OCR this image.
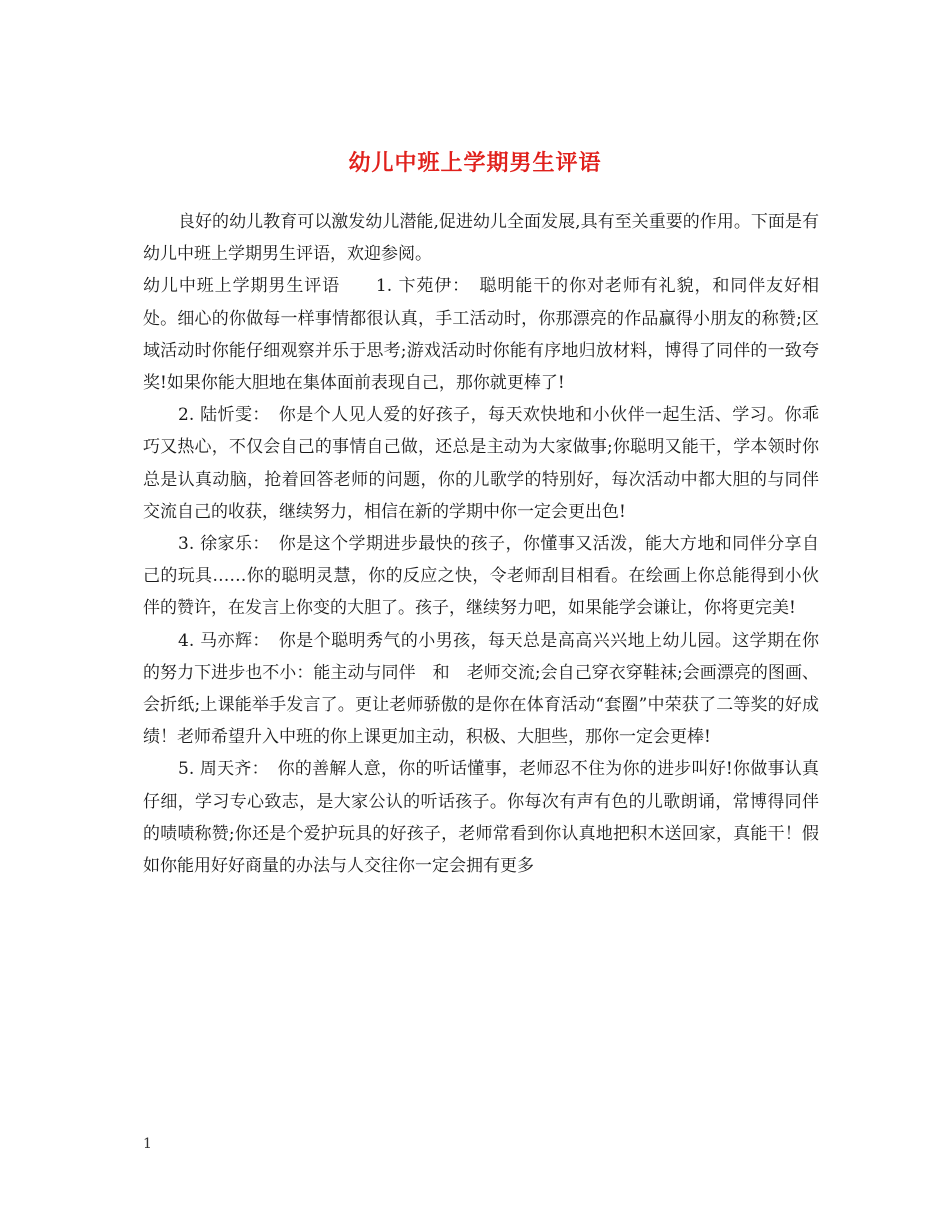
幼儿中班上学期男生评语

良好的幼儿教育可以激发幼儿潜能,促进幼儿全面发展,具有至关重要的作用。下面是有幼儿中班上学期男生评语，欢迎参阅。

幼儿中班上学期男生评语　　1. 卞苑伊：　聪明能干的你对老师有礼貌，和同伴友好相处。细心的你做每一样事情都很认真，手工活动时，你那漂亮的作品赢得小朋友的称赞;区域活动时你能仔细观察并乐于思考;游戏活动时你能有序地归放材料，博得了同伴的一致夸奖!如果你能大胆地在集体面前表现自己，那你就更棒了!

2. 陆忻雯：　你是个人见人爱的好孩子，每天欢快地和小伙伴一起生活、学习。你乖巧又热心，不仅会自己的事情自己做，还总是主动为大家做事;你聪明又能干，学本领时你总是认真动脑，抢着回答老师的问题，你的儿歌学的特别好，每次活动中都大胆的与同伴交流自己的收获，继续努力，相信在新的学期中你一定会更出色!

3. 徐家乐：　你是这个学期进步最快的孩子，你懂事又活泼，能大方地和同伴分享自己的玩具……你的聪明灵慧，你的反应之快，令老师刮目相看。在绘画上你总能得到小伙伴的赞许，在发言上你变的大胆了。孩子，继续努力吧，如果能学会谦让，你将更完美!

4. 马亦辉：　你是个聪明秀气的小男孩，每天总是高高兴兴地上幼儿园。这学期在你的努力下进步也不小：能主动与同伴　和　老师交流;会自己穿衣穿鞋袜;会画漂亮的图画、会折纸;上课能举手发言了。更让老师骄傲的是你在体育活动“套圈”中荣获了二等奖的好成绩！老师希望升入中班的你上课更加主动，积极、大胆些，那你一定会更棒!

5. 周天齐：　你的善解人意，你的听话懂事，老师忍不住为你的进步叫好!你做事认真仔细，学习专心致志，是大家公认的听话孩子。你每次有声有色的儿歌朗诵，常博得同伴的啧啧称赞;你还是个爱护玩具的好孩子，老师常看到你认真地把积木送回家，真能干！假如你能用好好商量的办法与人交往你一定会拥有更多

1
